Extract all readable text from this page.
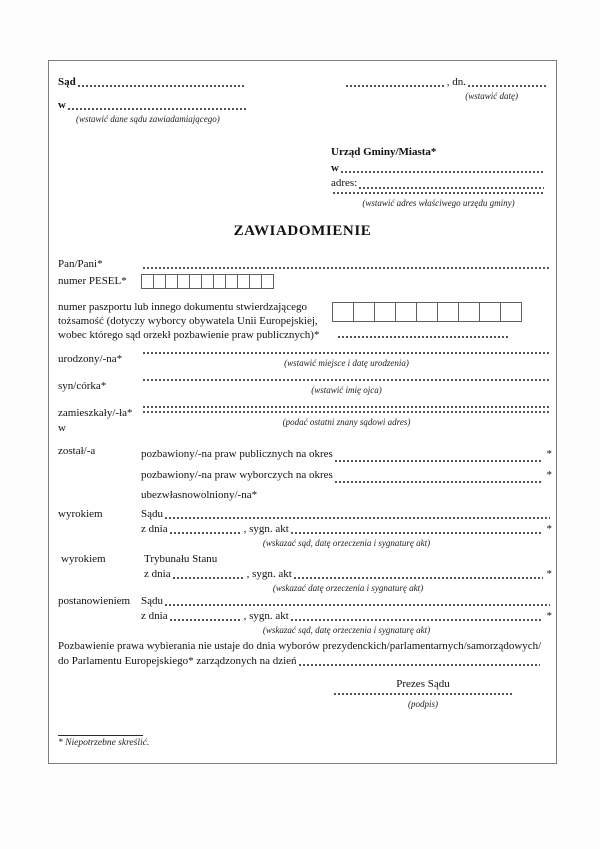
Sąd
w
(wstawić dane sądu zawiadamiającego)
, dn.
(wstawić datę)
Urząd Gminy/Miasta*
w
adres:
(wstawić adres właściwego urzędu gminy)
ZAWIADOMIENIE
Pan/Pani*
numer PESEL*
numer paszportu lub innego dokumentu stwierdzającego tożsamość (dotyczy wyborcy obywatela Unii Europejskiej, wobec którego sąd orzekł pozbawienie praw publicznych)*
urodzony/-na*	(wstawić miejsce i datę urodzenia)
syn/córka*	(wstawić imię ojca)
zamieszkały/-ła*
w	(podać ostatni znany sądowi adres)
został/-a	pozbawiony/-na praw publicznych na okres	*
pozbawiony/-na praw wyborczych na okres	*
ubezwłasnowolniony/-na*
wyrokiem	Sądu
z dnia	, sygn. akt	*
(wskazać sąd, datę orzeczenia i sygnaturę akt)
wyrokiem	Trybunału Stanu
z dnia	, sygn. akt	*
(wskazać datę orzeczenia i sygnaturę akt)
postanowieniem Sądu
z dnia	, sygn. akt	*
(wskazać sąd, datę orzeczenia i sygnaturę akt)
Pozbawienie prawa wybierania nie ustaje do dnia wyborów prezydenckich/parlamentarnych/samorządowych/
do Parlamentu Europejskiego* zarządzonych na dzień
Prezes Sądu
(podpis)
* Niepotrzebne skreślić.
